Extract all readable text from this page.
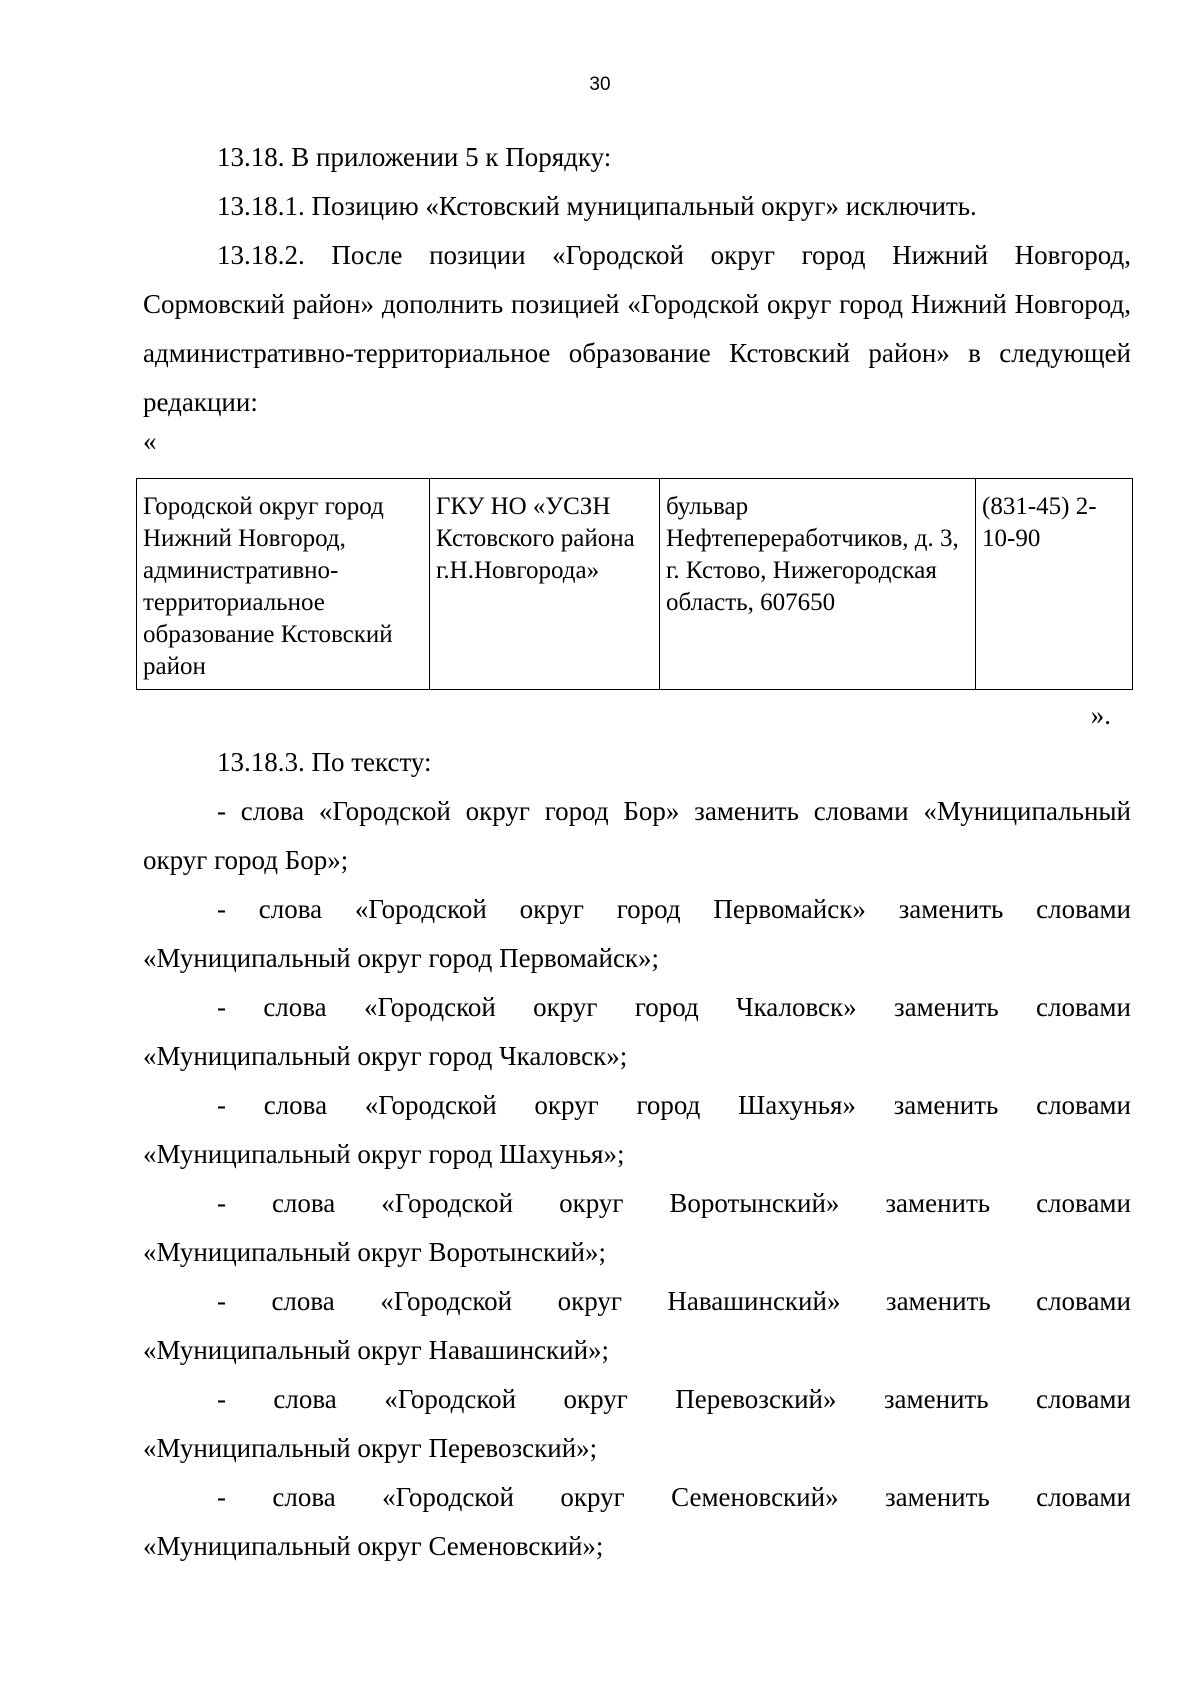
30

13.18. В приложении 5 к Порядку:

13.18.1. Позицию «Кстовский муниципальный округ» исключить.

13.18.2. После позиции «Городской округ город Нижний Новгород, Сормовский район» дополнить позицией «Городской округ город Нижний Новгород, административно-территориальное образование Кстовский район» в следующей редакции:

«
Городской округ город Нижний Новгород, административно-территориальное образование Кстовский район	ГКУ НО «УСЗН Кстовского района г.Н.Новгорода»	бульвар Нефтепереработчиков, д. 3, г. Кстово, Нижегородская область, 607650	(831-45) 2-10-90
».

13.18.3. По тексту:

- слова «Городской округ город Бор» заменить словами «Муниципальный округ город Бор»;

- слова «Городской округ город Первомайск» заменить словами
«Муниципальный округ город Первомайск»;
- слова «Городской округ город Чкаловск» заменить словами
«Муниципальный округ город Чкаловск»;
- слова «Городской округ город Шахунья» заменить словами
«Муниципальный округ город Шахунья»;
- слова «Городской округ Воротынский» заменить словами
«Муниципальный округ Воротынский»;
- слова «Городской округ Навашинский» заменить словами
«Муниципальный округ Навашинский»;
- слова «Городской округ Перевозский» заменить словами
«Муниципальный округ Перевозский»;
- слова «Городской округ Семеновский» заменить словами
«Муниципальный округ Семеновский»;
